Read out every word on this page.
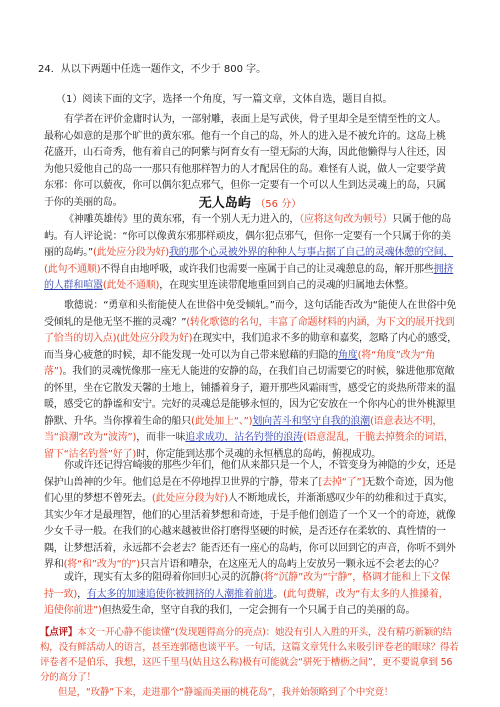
24．从以下两题中任选一题作文，不少于 800 字。
（1）阅读下面的文字，选择一个角度，写一篇文章，文体自选，题目自拟。

有学者在评价金庸时认为，一部射雕，表面上是写武侠，骨子里却全是至情至性的文人。最称心如意的是那个旷世的黄东邪。他有一个自己的岛，外人的进入是不被允许的。这岛上桃花盛开，山石奇秀，他有着自己的阿紫与阿育女有一望无际的大海，因此他懒得与人往还，因为他只爱他自己的岛一一那只有他那样智力的人才配居住的岛。难怪有人说，做人一定要学黄东邪：你可以藐夜，你可以偶尔犯点邪气，但你一定要有一个可以人生到达灵魂上的岛，只属于你的美丽的岛。	无人岛屿 （56 分）

《神雕英雄传》里的黄东邪，有一个别人无力进入的，（应将这句改为顿号）只属于他的岛屿。有人评论说：“你可以像黄东邪那样顽皮，偶尔犯点邪气，但你一定要有一个只属于你的美丽的岛屿。”(此处应分段为好)我的那个心灵被外界的种种人与事占据了自己的灵魂休憩的空间，(此句不通顺)不得自由地呼吸，或许我们也需要一座属于自己的让灵魂憩息的岛，解开那些拥挤的人群和喧嚣(此处不通顺)，在现实里连读带爬地重回到自己的灵魂的归属地去休整。

歌德说：“勇章和头衔能使人在世俗中免受倾轧。”而今，这句话能否改为“能使人在世俗中免受倾轧的是他无坚不摧的灵魂？”(转化歌德的名句，丰富了命题材料的内涵，为下文的展开找到了恰当的切入点)(此处应分段为好)在现实中，我们追求不多的勋章和嘉奖，忽略了内心的感受，而当身心疲惫的时候，却不能发现一处可以为自己带来慰藉的归隐的角度(将“角度”改为“角落”)。我们的灵魂恍像那一座无人能进的安静的岛，在我们自己切需要它的时候，躲进他那宽敞的怀里，坐在它散发天馨的土地上，铺播着身子，避开那些风霜雨雪，感受它的炎热所带来的温暖，感受它的静谧和安宁。完好的灵魂总是能够永恒的，因为它安放在一个你内心的世外桃源里静默、升华。当你撑着生命的船只(此处加上“、”)划向苦斗和坚守自我的浪潮(语意表达不明，当“浪潮”改为“波涛”)，而非一味追求成功，沾名钓誉的浪涛(语意混乱，干脆去掉赘余的词语，留下“沽名钓誉”好了)时，你定能到达那个灵魂的永恒栖息的岛屿，俯视成功。

你或许还记得宫崎骏的那些少年们，他们从来都只是一个人，不管变身为神隐的少女，还是保护山兽神的少年。他们总是在不停地捍卫世界的宁静，带来了[去掉“了”]无数个奇迹，因为他们心里的梦想不曾死去。(此处应分段为好)人不断地成长，并渐渐感叹少年的幼稚和过于真实，其实少年才是最理智，他们的心里活着梦想和奇迹，于是手他们创造了一个又一个的奇迹，就像少女千寻一般。在我们的心越来越被世俗打磨得坚硬的时候，是否还存在柔软的、真性情的一隅，让梦想活着，永远都不会老去？能否还有一座心的岛屿，你可以回到它的声音，你听不到外界和(将“和”改为“的”)只言片语和嘈杂，在这座无人的岛屿上安放另一颗永远不会老去的心？

或许，现实有太多的阻碍着你回归心灵的沉静(将“沉静”改为“宁静”，格调才能和上下文保持一致)，有太多的加速追使你被拥挤的人潮推着前进。(此句费解，改为“有太多的人推搡着，追使你前进”)但热爱生命，坚守自我的我们，一定会拥有一个只属于自己的美丽的岛。

【点评】本文一开心静不能读懂“(发现题得高分的亮点)：她没有引人入胜的开头，没有精巧新颖的结构，没有鲜活动人的语言，甚至连郭德也谈平平。一句话，这篇文章凭什么来吸引评卷老的眼球？得若评卷者不是伯乐，我想，这匹千里马(姑且这么称)极有可能就会“骈死于槽枥之间”，更不要说拿到 56 分的高分了！
但是，“玫静”下来，走进那个“静谧而美丽的桃花岛”，我并始领略到了个中究竟！
